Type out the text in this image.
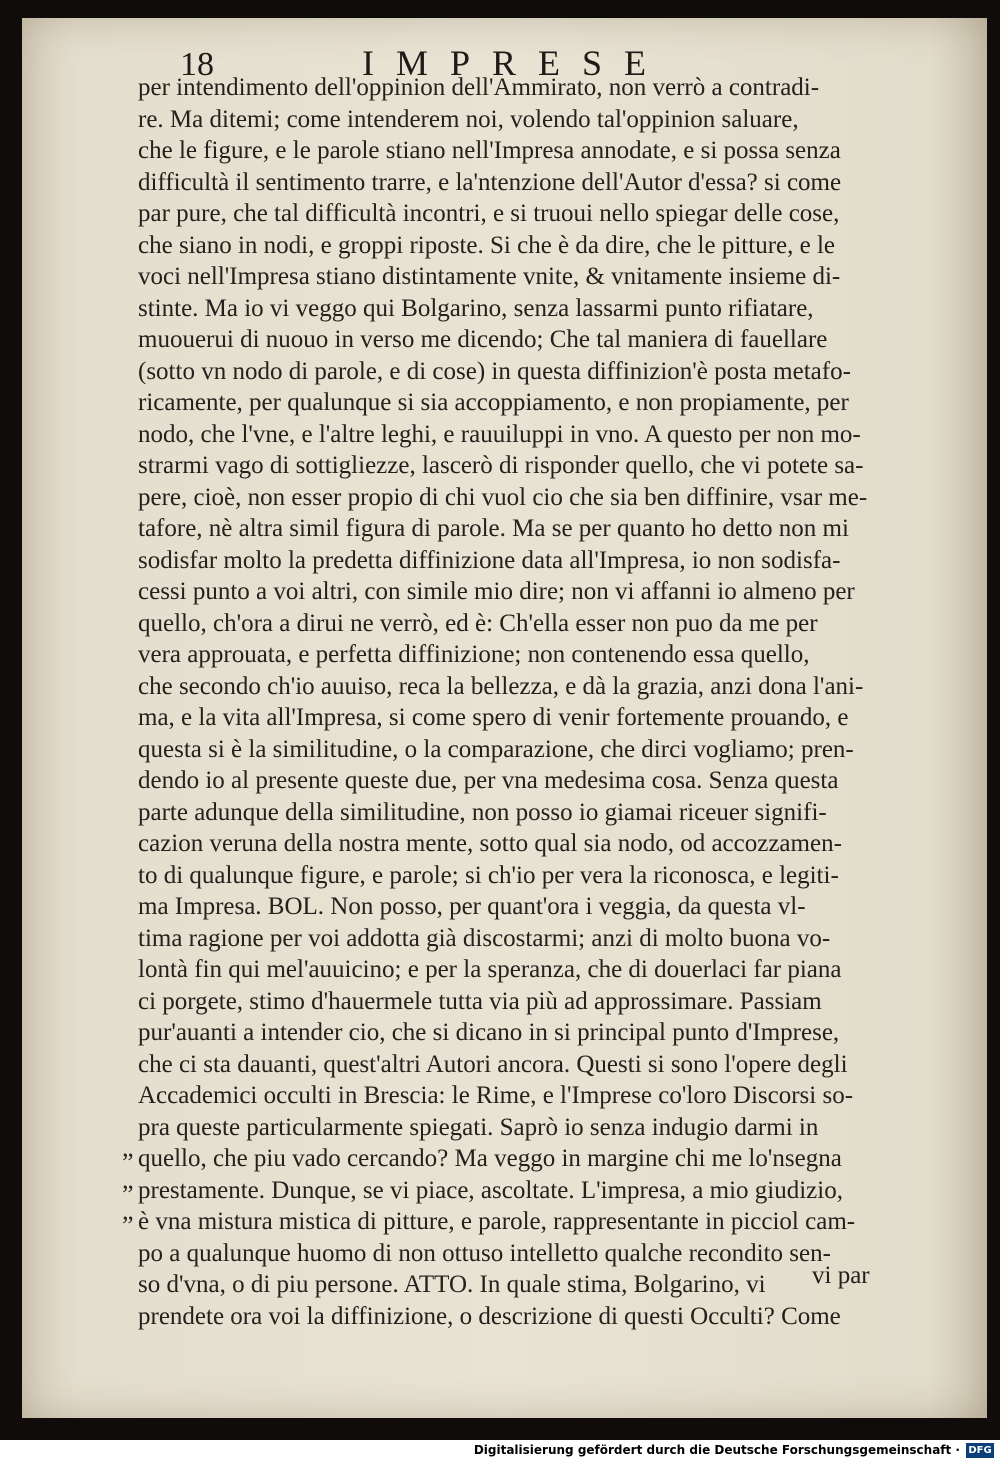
18	IMPRESE
per intendimento dell'oppinion dell'Ammirato, non verrò a contradi-
re. Ma ditemi; come intenderem noi, volendo tal'oppinion saluare,
che le figure, e le parole stiano nell'Impresa annodate, e si possa senza
difficultà il sentimento trarre, e la'ntenzione dell'Autor d'essa? si come
par pure, che tal difficultà incontri, e si truoui nello spiegar delle cose,
che siano in nodi, e groppi riposte. Si che è da dire, che le pitture, e le
voci nell'Impresa stiano distintamente vnite, & vnitamente insieme di-
stinte. Ma io vi veggo qui Bolgarino, senza lassarmi punto rifiatare,
muouerui di nuouo in verso me dicendo; Che tal maniera di fauellare
(sotto vn nodo di parole, e di cose) in questa diffinizion'è posta metafo-
ricamente, per qualunque si sia accoppiamento, e non propiamente, per
nodo, che l'vne, e l'altre leghi, e rauuiluppi in vno. A questo per non mo-
strarmi vago di sottigliezze, lascerò di risponder quello, che vi potete sa-
pere, cioè, non esser propio di chi vuol cio che sia ben diffinire, vsar me-
tafore, nè altra simil figura di parole. Ma se per quanto ho detto non mi
sodisfar molto la predetta diffinizione data all'Impresa, io non sodisfa-
cessi punto a voi altri, con simile mio dire; non vi affanni io almeno per
quello, ch'ora a dirui ne verrò, ed è: Ch'ella esser non puo da me per
vera approuata, e perfetta diffinizione; non contenendo essa quello,
che secondo ch'io auuiso, reca la bellezza, e dà la grazia, anzi dona l'ani-
ma, e la vita all'Impresa, si come spero di venir fortemente prouando, e
questa si è la similitudine, o la comparazione, che dirci vogliamo; pren-
dendo io al presente queste due, per vna medesima cosa. Senza questa
parte adunque della similitudine, non posso io giamai riceuer signifi-
cazion veruna della nostra mente, sotto qual sia nodo, od accozzamen-
to di qualunque figure, e parole; si ch'io per vera la riconosca, e legiti-
ma Impresa. BOL. Non posso, per quant'ora i veggia, da questa vl-
tima ragione per voi addotta già discostarmi; anzi di molto buona vo-
lontà fin qui mel'auuicino; e per la speranza, che di douerlaci far piana
ci porgete, stimo d'hauermele tutta via più ad approssimare. Passiam
pur'auanti a intender cio, che si dicano in si principal punto d'Imprese,
che ci sta dauanti, quest'altri Autori ancora. Questi si sono l'opere degli
Accademici occulti in Brescia: le Rime, e l'Imprese co'loro Discorsi so-
pra queste particularmente spiegati. Saprò io senza indugio darmi in
quello, che piu vado cercando? Ma veggo in margine chi me lo'nsegna
prestamente. Dunque, se vi piace, ascoltate. L'impresa, a mio giudizio,
è vna mistura mistica di pitture, e parole, rappresentante in picciol cam-
po a qualunque huomo di non ottuso intelletto qualche recondito sen-
so d'vna, o di piu persone. ATTO. In quale stima, Bolgarino, vi
prendete ora voi la diffinizione, o descrizione di questi Occulti? Come
„
„
„
vi par
Digitalisierung gefördert durch die Deutsche Forschungsgemeinschaft · DFG
